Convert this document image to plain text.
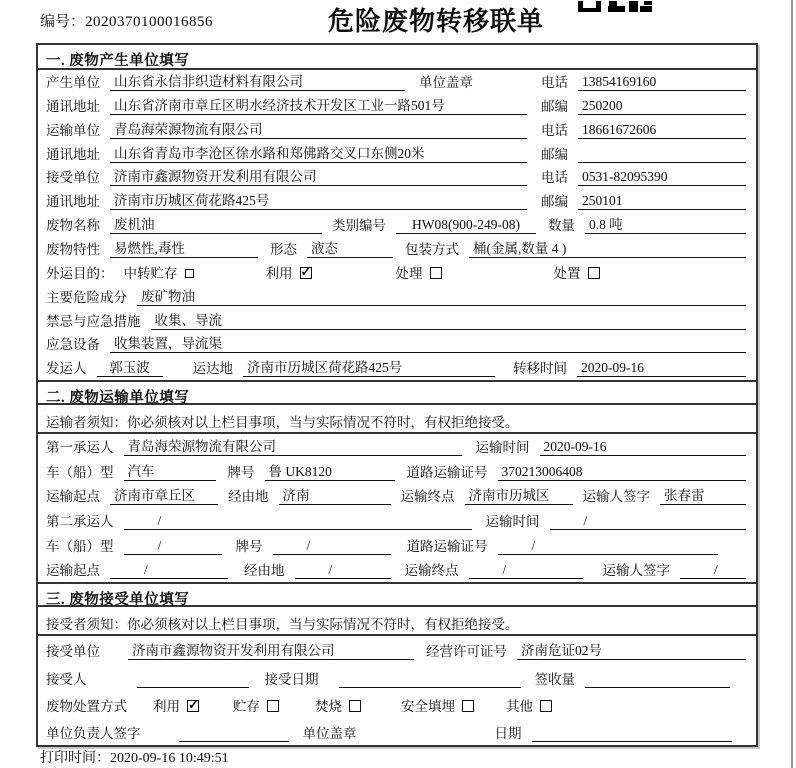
编号：2020370100016856	危险废物转移联单
一. 废物产生单位填写
产生单位 山东省永信非织造材料有限公司	单位盖章	电话 13854169160
通讯地址 山东省济南市章丘区明水经济技术开发区工业一路501号	邮编 250200
运输单位 青岛海荣源物流有限公司	电话 18661672606
通讯地址 山东省青岛市李沧区徐水路和郑佛路交叉口东侧20米	邮编
接受单位 济南市鑫源物资开发利用有限公司	电话 0531-82095390
通讯地址 济南市历城区荷花路425号	邮编 250101
废物名称 废机油	类别编号	HW08(900-249-08)	数量 0.8 吨
废物特性 易燃性,毒性	形态 液态	包装方式 桶(金属,数量 4 )
外运目的： 中转贮存	利用 ✓	处理	处置
主要危险成分 废矿物油
禁忌与应急措施 收集、导流
应急设备 收集装置，导流渠
发运人	郭玉波	运达地 济南市历城区荷花路425号	转移时间 2020-09-16
二. 废物运输单位填写
运输者须知：你必须核对以上栏目事项，当与实际情况不符时，有权拒绝接受。
第一承运人 青岛海荣源物流有限公司	运输时间 2020-09-16
车（船）型 汽车	牌号 鲁 UK8120	道路运输证号 370213006408
运输起点 济南市章丘区	经由地 济南	运输终点 济南市历城区	运输人签字 张春雷
第二承运人	/	运输时间	/
车（船）型	/	牌号	/	道路运输证号	/
运输起点	/	经由地	/	运输终点	/	运输人签字	/
三. 废物接受单位填写
接受者须知：你必须核对以上栏目事项，当与实际情况不符时，有权拒绝接受。
接受单位 济南市鑫源物资开发利用有限公司	经营许可证号 济南危证02号
接受人	接受日期	签收量
废物处置方式 利用 ✓	贮存	焚烧	安全填埋	其他
单位负责人签字	单位盖章	日期
打印时间：2020-09-16 10:49:51
